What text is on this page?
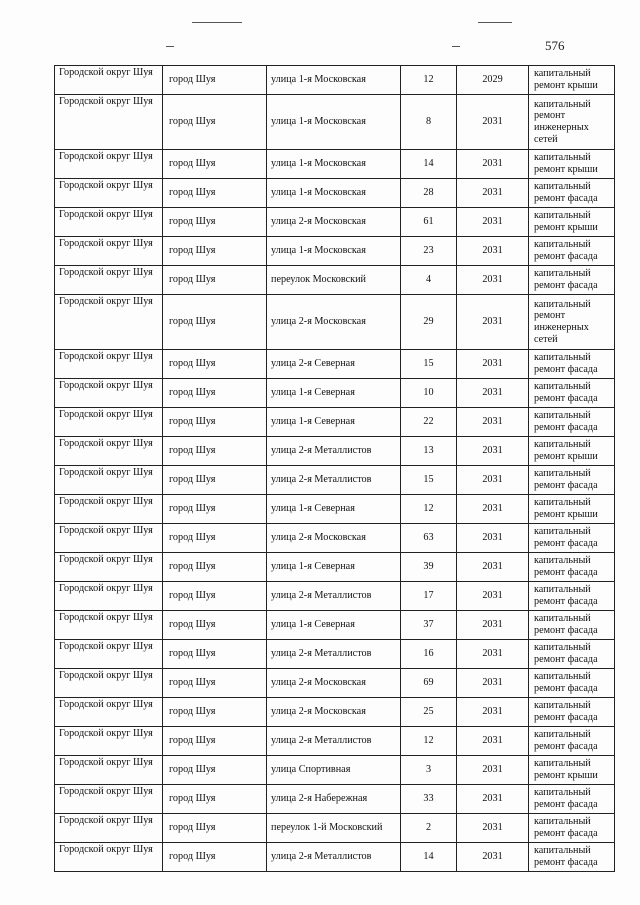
576
Городской округ Шуя	город Шуя	улица 1-я Московская	12	2029	капитальный ремонт крыши
Городской округ Шуя	город Шуя	улица 1-я Московская	8	2031	капитальный ремонт инженерных сетей
Городской округ Шуя	город Шуя	улица 1-я Московская	14	2031	капитальный ремонт крыши
Городской округ Шуя	город Шуя	улица 1-я Московская	28	2031	капитальный ремонт фасада
Городской округ Шуя	город Шуя	улица 2-я Московская	61	2031	капитальный ремонт крыши
Городской округ Шуя	город Шуя	улица 1-я Московская	23	2031	капитальный ремонт фасада
Городской округ Шуя	город Шуя	переулок Московский	4	2031	капитальный ремонт фасада
Городской округ Шуя	город Шуя	улица 2-я Московская	29	2031	капитальный ремонт инженерных сетей
Городской округ Шуя	город Шуя	улица 2-я Северная	15	2031	капитальный ремонт фасада
Городской округ Шуя	город Шуя	улица 1-я Северная	10	2031	капитальный ремонт фасада
Городской округ Шуя	город Шуя	улица 1-я Северная	22	2031	капитальный ремонт фасада
Городской округ Шуя	город Шуя	улица 2-я Металлистов	13	2031	капитальный ремонт крыши
Городской округ Шуя	город Шуя	улица 2-я Металлистов	15	2031	капитальный ремонт фасада
Городской округ Шуя	город Шуя	улица 1-я Северная	12	2031	капитальный ремонт крыши
Городской округ Шуя	город Шуя	улица 2-я Московская	63	2031	капитальный ремонт фасада
Городской округ Шуя	город Шуя	улица 1-я Северная	39	2031	капитальный ремонт фасада
Городской округ Шуя	город Шуя	улица 2-я Металлистов	17	2031	капитальный ремонт фасада
Городской округ Шуя	город Шуя	улица 1-я Северная	37	2031	капитальный ремонт фасада
Городской округ Шуя	город Шуя	улица 2-я Металлистов	16	2031	капитальный ремонт фасада
Городской округ Шуя	город Шуя	улица 2-я Московская	69	2031	капитальный ремонт фасада
Городской округ Шуя	город Шуя	улица 2-я Московская	25	2031	капитальный ремонт фасада
Городской округ Шуя	город Шуя	улица 2-я Металлистов	12	2031	капитальный ремонт фасада
Городской округ Шуя	город Шуя	улица Спортивная	3	2031	капитальный ремонт крыши
Городской округ Шуя	город Шуя	улица 2-я Набережная	33	2031	капитальный ремонт фасада
Городской округ Шуя	город Шуя	переулок 1-й Московский	2	2031	капитальный ремонт фасада
Городской округ Шуя	город Шуя	улица 2-я Металлистов	14	2031	капитальный ремонт фасада
